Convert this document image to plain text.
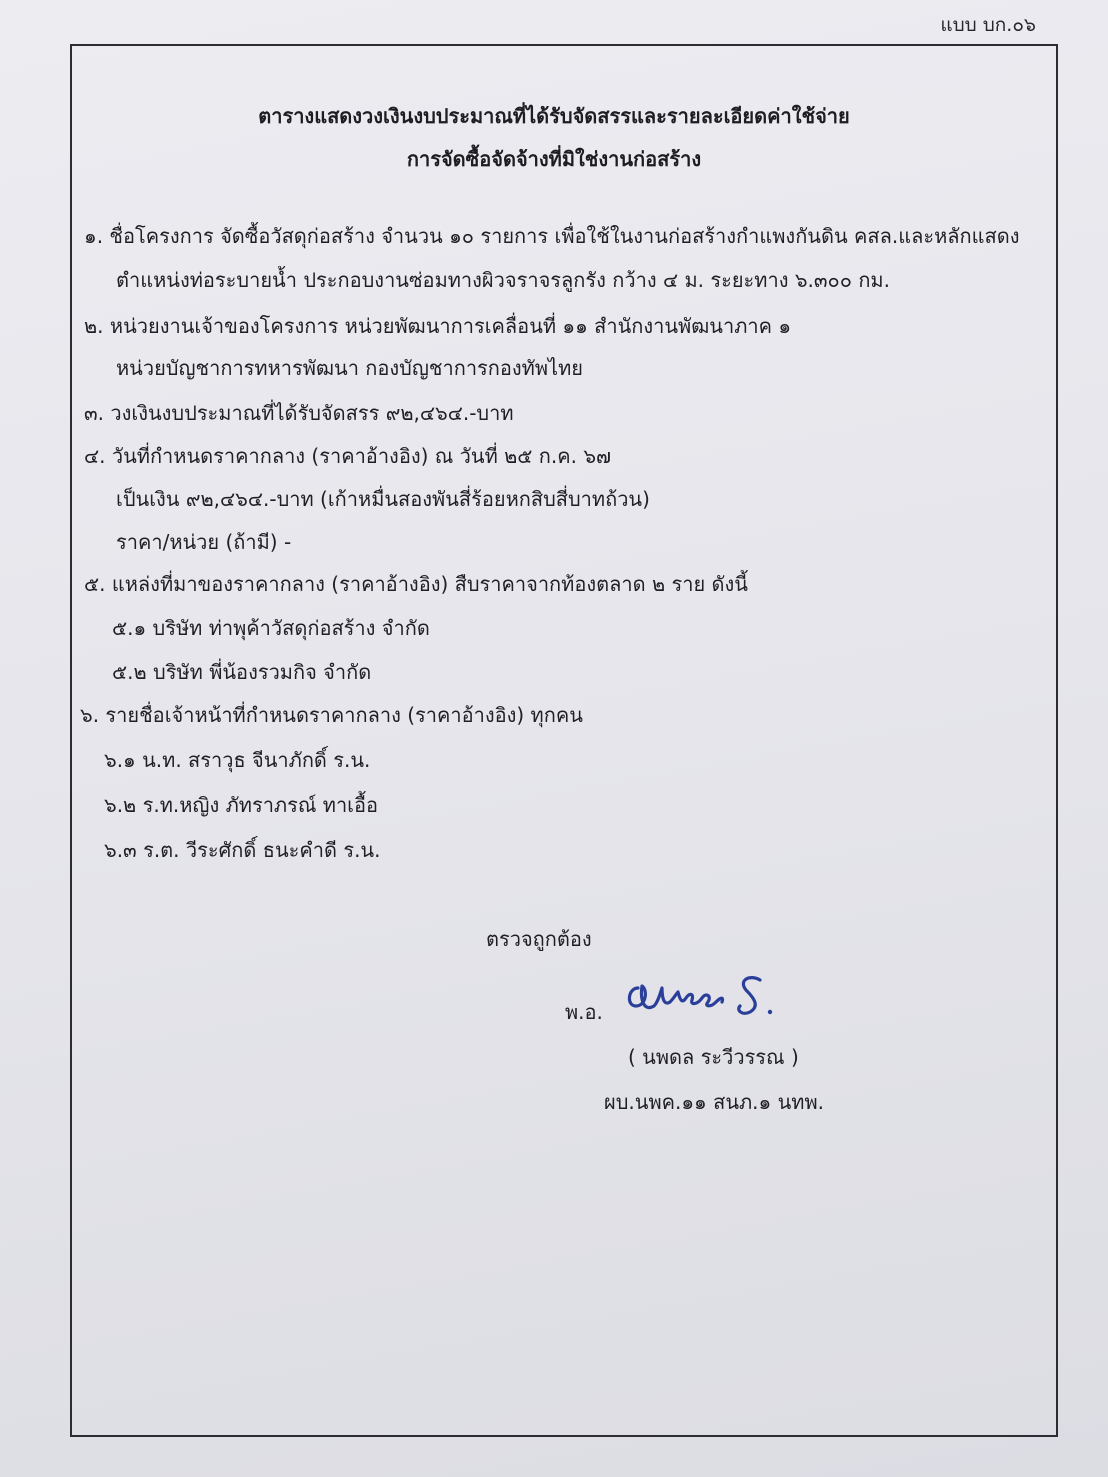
แบบ บก.๐๖
ตารางแสดงวงเงินงบประมาณที่ได้รับจัดสรรและรายละเอียดค่าใช้จ่าย
การจัดซื้อจัดจ้างที่มิใช่งานก่อสร้าง
๑. ชื่อโครงการ จัดซื้อวัสดุก่อสร้าง จำนวน ๑๐ รายการ เพื่อใช้ในงานก่อสร้างกำแพงกันดิน คสล.และหลักแสดง
ตำแหน่งท่อระบายน้ำ ประกอบงานซ่อมทางผิวจราจรลูกรัง กว้าง ๔ ม. ระยะทาง ๖.๓๐๐ กม.
๒. หน่วยงานเจ้าของโครงการ หน่วยพัฒนาการเคลื่อนที่ ๑๑ สำนักงานพัฒนาภาค ๑
หน่วยบัญชาการทหารพัฒนา กองบัญชาการกองทัพไทย
๓. วงเงินงบประมาณที่ได้รับจัดสรร ๙๒,๔๖๔.-บาท
๔. วันที่กำหนดราคากลาง (ราคาอ้างอิง) ณ วันที่ ๒๕ ก.ค. ๖๗
เป็นเงิน ๙๒,๔๖๔.-บาท (เก้าหมื่นสองพันสี่ร้อยหกสิบสี่บาทถ้วน)
ราคา/หน่วย (ถ้ามี) -
๕. แหล่งที่มาของราคากลาง (ราคาอ้างอิง) สืบราคาจากท้องตลาด ๒ ราย ดังนี้
๕.๑ บริษัท ท่าพุค้าวัสดุก่อสร้าง จำกัด
๕.๒ บริษัท พี่น้องรวมกิจ จำกัด
๖. รายชื่อเจ้าหน้าที่กำหนดราคากลาง (ราคาอ้างอิง) ทุกคน
๖.๑ น.ท. สราวุธ จีนาภักดิ์ ร.น.
๖.๒ ร.ท.หญิง ภัทราภรณ์ ทาเอื้อ
๖.๓ ร.ต. วีระศักดิ์ ธนะคำดี ร.น.
ตรวจถูกต้อง
พ.อ.
( นพดล ระวีวรรณ )
ผบ.นพค.๑๑ สนภ.๑ นทพ.
